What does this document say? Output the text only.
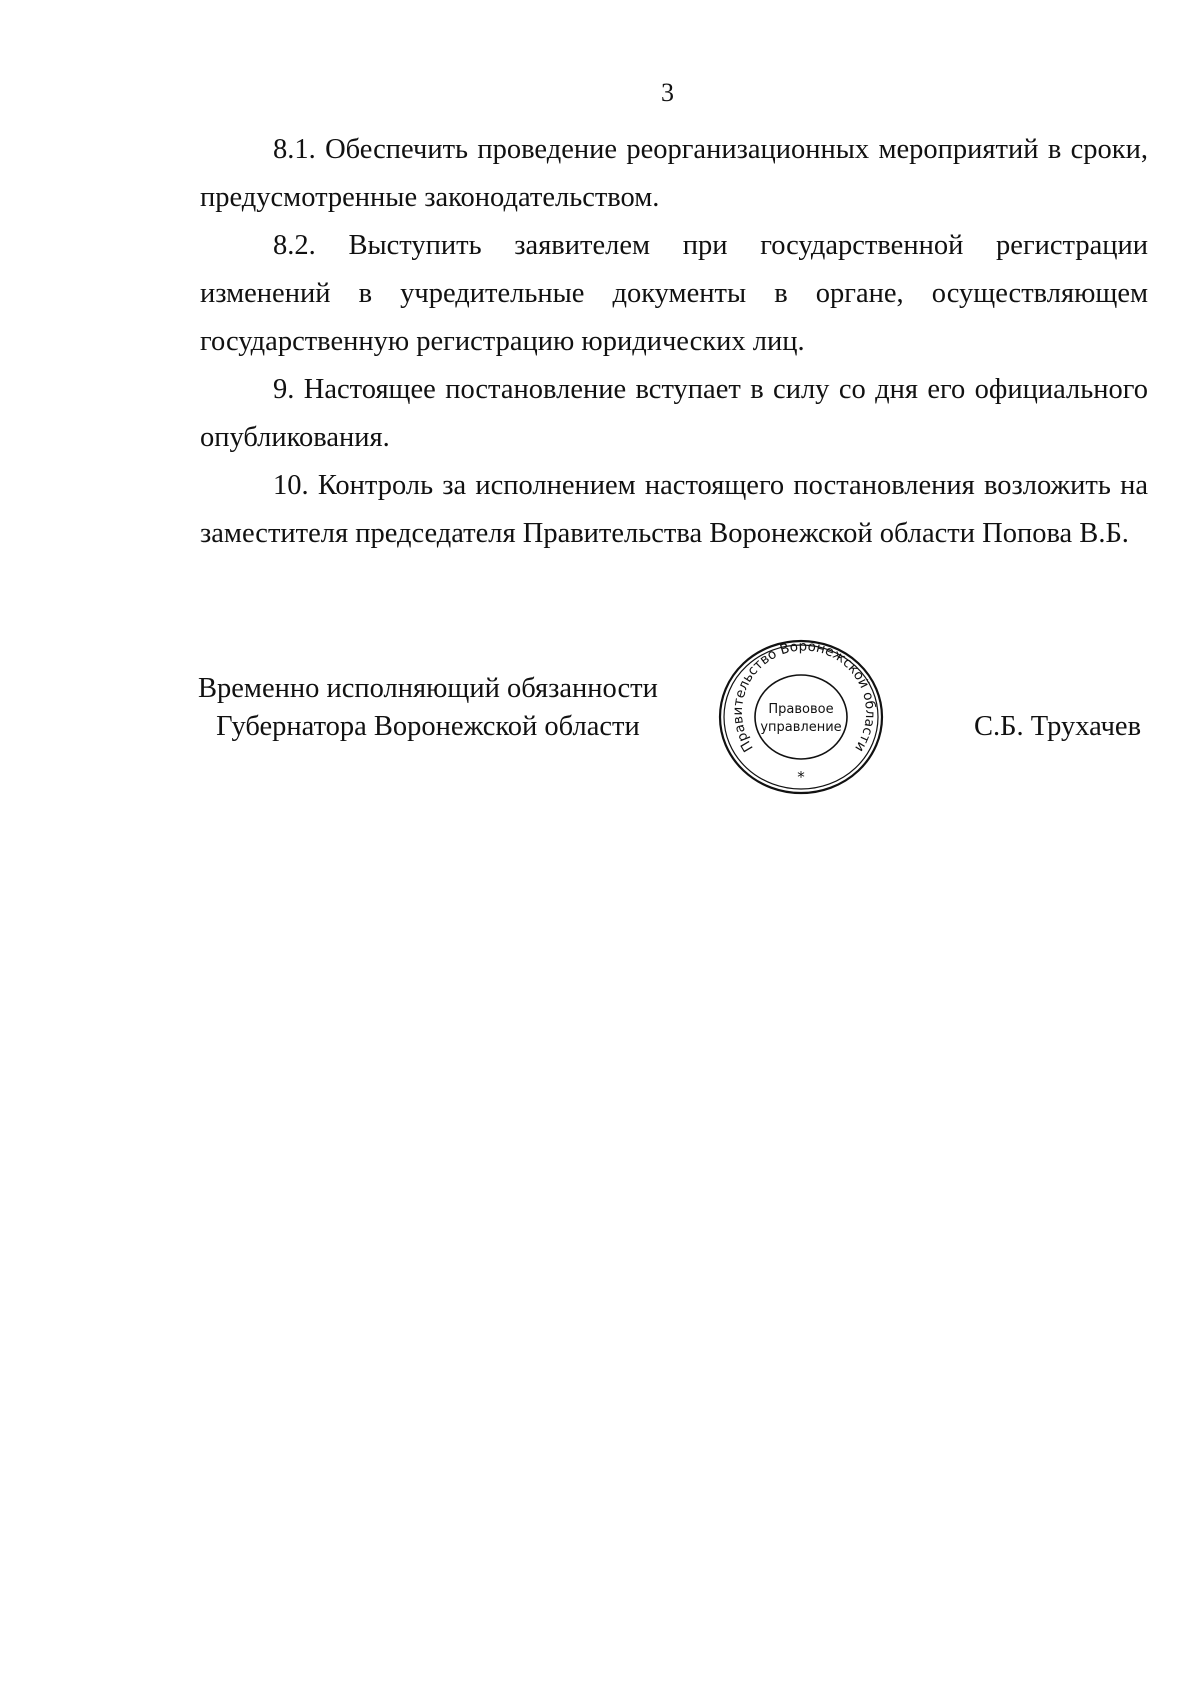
3

8.1. Обеспечить проведение реорганизационных мероприятий в сроки, предусмотренные законодательством.

8.2. Выступить заявителем при государственной регистрации изменений в учредительные документы в органе, осуществляющем государственную регистрацию юридических лиц.

9. Настоящее постановление вступает в силу со дня его официального опубликования.

10. Контроль за исполнением настоящего постановления возложить на заместителя председателя Правительства Воронежской области Попова В.Б.

Временно исполняющий обязанности
Губернатора Воронежской области
Правительство Воронежской области
Правовое
управление
*
С.Б. Трухачев
